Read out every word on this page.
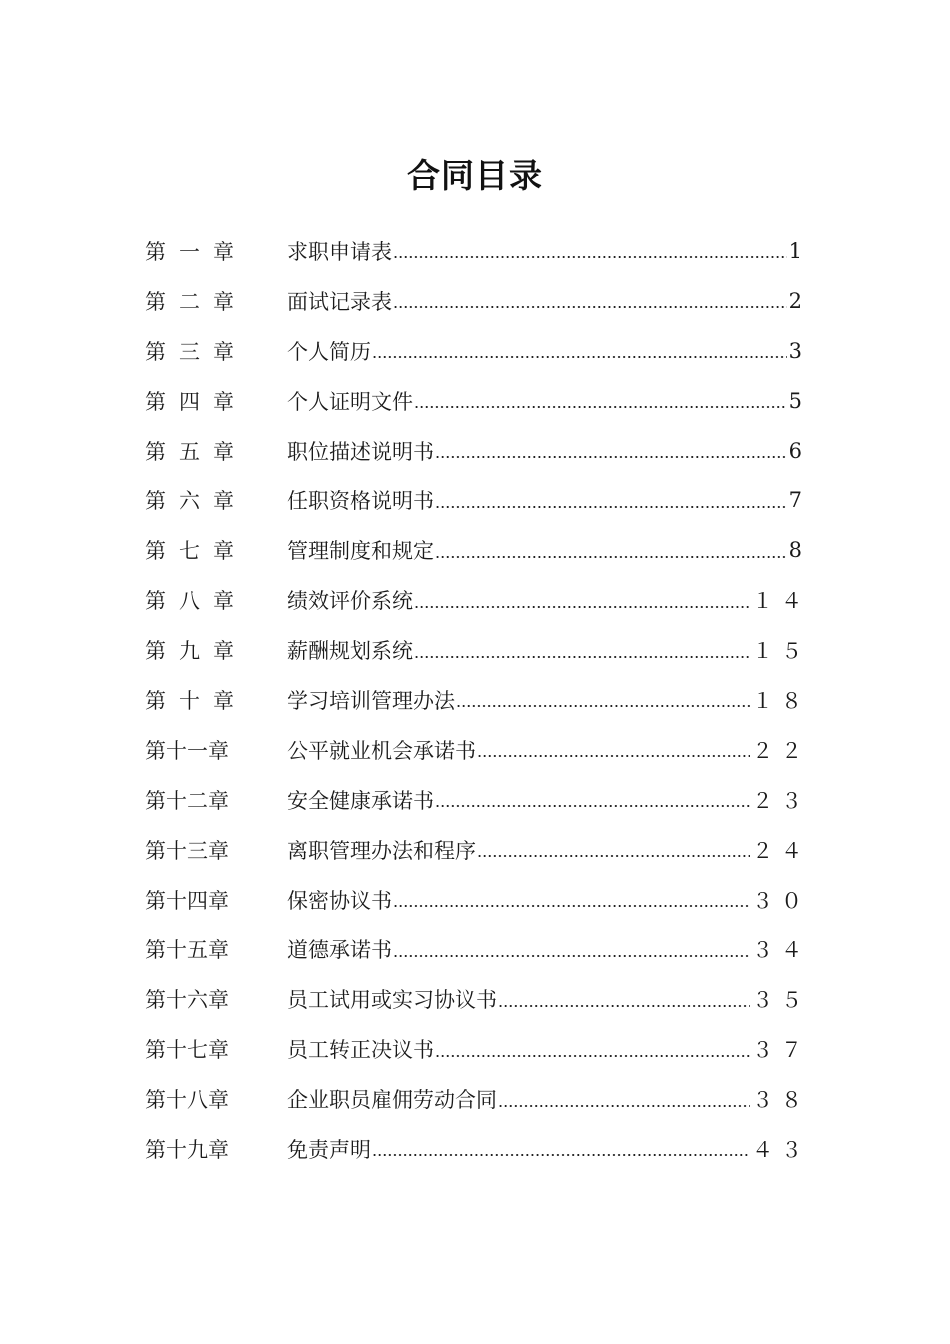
合同目录
第一章	求职申请表	1
第二章	面试记录表	2
第三章	个人简历	3
第四章	个人证明文件	5
第五章	职位描述说明书	6
第六章	任职资格说明书	7
第七章	管理制度和规定	8
第八章	绩效评价系统	１４
第九章	薪酬规划系统	１５
第十章	学习培训管理办法	１８
第十一章	公平就业机会承诺书	２２
第十二章	安全健康承诺书	２３
第十三章	离职管理办法和程序	２４
第十四章	保密协议书	３０
第十五章	道德承诺书	３４
第十六章	员工试用或实习协议书	３５
第十七章	员工转正决议书	３７
第十八章	企业职员雇佣劳动合同	３８
第十九章	免责声明	４３
